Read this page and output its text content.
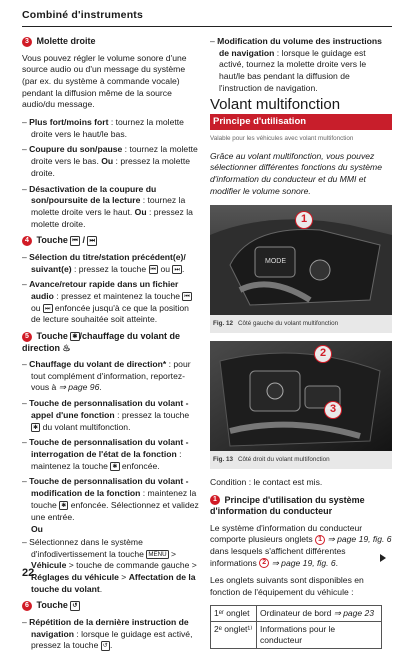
Combiné d'instruments
3 Molette droite

Vous pouvez régler le volume sonore d'une source audio ou d'un message du système (par ex. du système à commande vocale) pendant la diffusion même de la source audio/du message.

– Plus fort/moins fort : tournez la molette droite vers le haut/le bas.

– Coupure du son/pause : tournez la molette droite vers le bas. Ou : pressez la molette droite.

– Désactivation de la coupure du son/poursuite de la lecture : tournez la molette droite vers le haut. Ou : pressez la molette droite.

4 Touche ⏮ / ⏭

– Sélection du titre/station précédent(e)/ suivant(e) : pressez la touche ⏮ ou ⏭ .

– Avance/retour rapide dans un fichier audio : pressez et maintenez la touche ⏮ ou ⏭ enfoncée jusqu'à ce que la position de lecture souhaitée soit atteinte.

5 Touche ✱ /chauffage du volant de direction ♨

– Chauffage du volant de direction* : pour tout complément d'information, reportez-vous à ⇒ page 96.

– Touche de personnalisation du volant - appel d'une fonction : pressez la touche ✱ du volant multifonction.

– Touche de personnalisation du volant - interrogation de l'état de la fonction : maintenez la touche ✱ enfoncée.

– Touche de personnalisation du volant - modification de la fonction : maintenez la touche ✱ enfoncée. Sélectionnez et validez une entrée.

Ou

– Sélectionnez dans le système d'infodivertissement la touche MENU > Véhicule > touche de commande gauche > Réglages du véhicule > Affectation de la touche du volant.

6 Touche ↺

– Répétition de la dernière instruction de navigation : lorsque le guidage est activé, pressez la touche ↺ .

– Modification du volume des instructions de navigation : lorsque le guidage est activé, tournez la molette droite vers le haut/le bas pendant la diffusion de l'instruction de navigation.

Volant multifonction
Principe d'utilisation
Valable pour les véhicules avec volant multifonction

Grâce au volant multifonction, vous pouvez sélectionner différentes fonctions du système d'information du conducteur et du MMI et modifier le volume sonore.

MODE
1
Fig. 12 Côté gauche du volant multifonction
2
3
Fig. 13 Côté droit du volant multifonction

Condition : le contact est mis.

1 Principe d'utilisation du système d'information du conducteur

Le système d'information du conducteur comporte plusieurs onglets 1 ⇒ page 19, fig. 6 dans lesquels s'affichent différentes informations 2 ⇒ page 19, fig. 6.

Les onglets suivants sont disponibles en fonction de l'équipement du véhicule :

1ᵉʳ onglet	Ordinateur de bord ⇒ page 23
2ᵉ onglet¹⁾	Informations pour le conducteur
22
